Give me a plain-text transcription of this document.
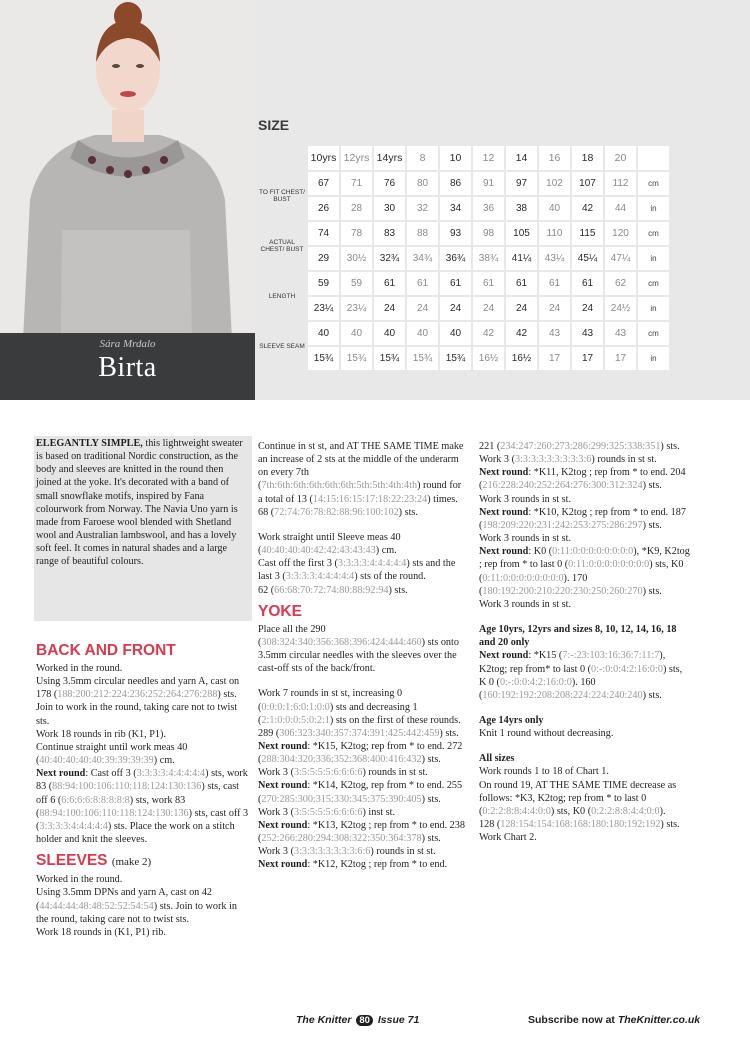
Sára Mrdalo
Birta
SIZE
	10yrs	12yrs	14yrs	8	10	12	14	16	18	20	
TO FIT CHEST/ BUST	67	71	76	80	86	91	97	102	107	112	cm
	26	28	30	32	34	36	38	40	42	44	in
ACTUAL CHEST/ BUST	74	78	83	88	93	98	105	110	115	120	cm
	29	30½	32¾	34¾	36¾	38¾	41¼	43¼	45¼	47¼	in
LENGTH	59	59	61	61	61	61	61	61	61	62	cm
	23¼	23¼	24	24	24	24	24	24	24	24½	in
SLEEVE SEAM	40	40	40	40	40	42	42	43	43	43	cm
	15¾	15¾	15¾	15¾	15¾	16½	16½	17	17	17	in
ELEGANTLY SIMPLE, this lightweight sweater is based on traditional Nordic construction, as the body and sleeves are knitted in the round then joined at the yoke. It's decorated with a band of small snowflake motifs, inspired by Fana colourwork from Norway. The Navia Uno yarn is made from Faroese wool blended with Shetland wool and Australian lambswool, and has a lovely soft feel. It comes in natural shades and a large range of beautiful colours.
BACK AND FRONT

Worked in the round.

Using 3.5mm circular needles and yarn A, cast on 178 (188:200:212:224:236:252:264:276:288) sts. Join to work in the round, taking care not to twist sts.

Work 18 rounds in rib (K1, P1).

Continue straight until work meas 40 (40:40:40:40:40:39:39:39:39) cm.

Next round: Cast off 3 (3:3:3:3:4:4:4:4:4) sts, work 83 (88:94:100:106:110:118:124:130:136) sts, cast off 6 (6:6:6:6:8:8:8:8:8) sts, work 83 (88:94:100:106:110:118:124:130:136) sts, cast off 3 (3:3:3:3:4:4:4:4:4) sts. Place the work on a stitch holder and knit the sleeves.

SLEEVES (make 2)

Worked in the round.

Using 3.5mm DPNs and yarn A, cast on 42 (44:44:44:48:48:52:52:54:54) sts. Join to work in the round, taking care not to twist sts.

Work 18 rounds in (K1, P1) rib.

Continue in st st, and AT THE SAME TIME make an increase of 2 sts at the middle of the underarm on every 7th (7th:6th:6th:6th:6th:6th:5th:5th:4th:4th) round for a total of 13 (14:15:16:15:17:18:22:23:24) times.

68 (72:74:76:78:82:88:96:100:102) sts.

Work straight until Sleeve meas 40 (40:40:40:40:42:42:43:43:43) cm.

Cast off the first 3 (3:3:3:3:4:4:4:4:4) sts and the last 3 (3:3:3:3:4:4:4:4:4) sts of the round.

62 (66:68:70:72:74:80:88:92:94) sts.

YOKE

Place all the 290 (308:324:340:356:368:396:424:444:460) sts onto 3.5mm circular needles with the sleeves over the cast-off sts of the back/front.

Work 7 rounds in st st, increasing 0 (0:0:0:1:6:0:1:0:0) sts and decreasing 1 (2:1:0:0:0:5:0:2:1) sts on the first of these rounds.

289 (306:323:340:357:374:391:425:442:459) sts.

Next round: *K15, K2tog; rep from * to end. 272 (288:304:320:336:352:368:400:416:432) sts.

Work 3 (3:5:5:5:5:6:6:6:6) rounds in st st.

Next round: *K14, K2tog, rep from * to end. 255 (270:285:300:315:330:345:375:390:405) sts.

Work 3 (3:5:5:5:5:6:6:6:6) inst st.

Next round: *K13, K2tog ; rep from * to end. 238 (252:266:280:294:308:322:350:364:378) sts.

Work 3 (3:3:3:3:3:3:3:3:6:6) rounds in st st.

Next round: *K12, K2tog ; rep from * to end.

221 (234:247:260:273:286:299:325:338:351) sts.

Work 3 (3:3:3:3:3:3:3:3:3:6) rounds in st st.

Next round: *K11, K2tog ; rep from * to end. 204 (216:228:240:252:264:276:300:312:324) sts.

Work 3 rounds in st st.

Next round: *K10, K2tog ; rep from * to end. 187 (198:209:220:231:242:253:275:286:297) sts.

Work 3 rounds in st st.

Next round: K0 (0:11:0:0:0:0:0:0:0:0), *K9, K2tog ; rep from * to last 0 (0:11:0:0:0:0:0:0:0:0) sts, K0 (0:11:0:0:0:0:0:0:0:0). 170 (180:192:200:210:220:230:250:260:270) sts.

Work 3 rounds in st st.

Age 10yrs, 12yrs and sizes 8, 10, 12, 14, 16, 18 and 20 only

Next round: *K15 (7:-:23:103:16:36:7:11:7), K2tog; rep from* to last 0 (0:-:0:0:4:2:16:0:0) sts, K 0 (0:-:0:0:4:2:16:0:0). 160 (160:192:192:208:208:224:224:240:240) sts.

Age 14yrs only

Knit 1 round without decreasing.

All sizes

Work rounds 1 to 18 of Chart 1.

On round 19, AT THE SAME TIME decrease as follows: *K3, K2tog; rep from * to last 0 (0:2:2:8:8:4:4:0:0) sts, K0 (0:2:2:8:8:4:4:0:0).

128 (128:154:154:168:168:180:180:192:192) sts.

Work Chart 2.

The Knitter 80 Issue 71	Subscribe now at TheKnitter.co.uk
